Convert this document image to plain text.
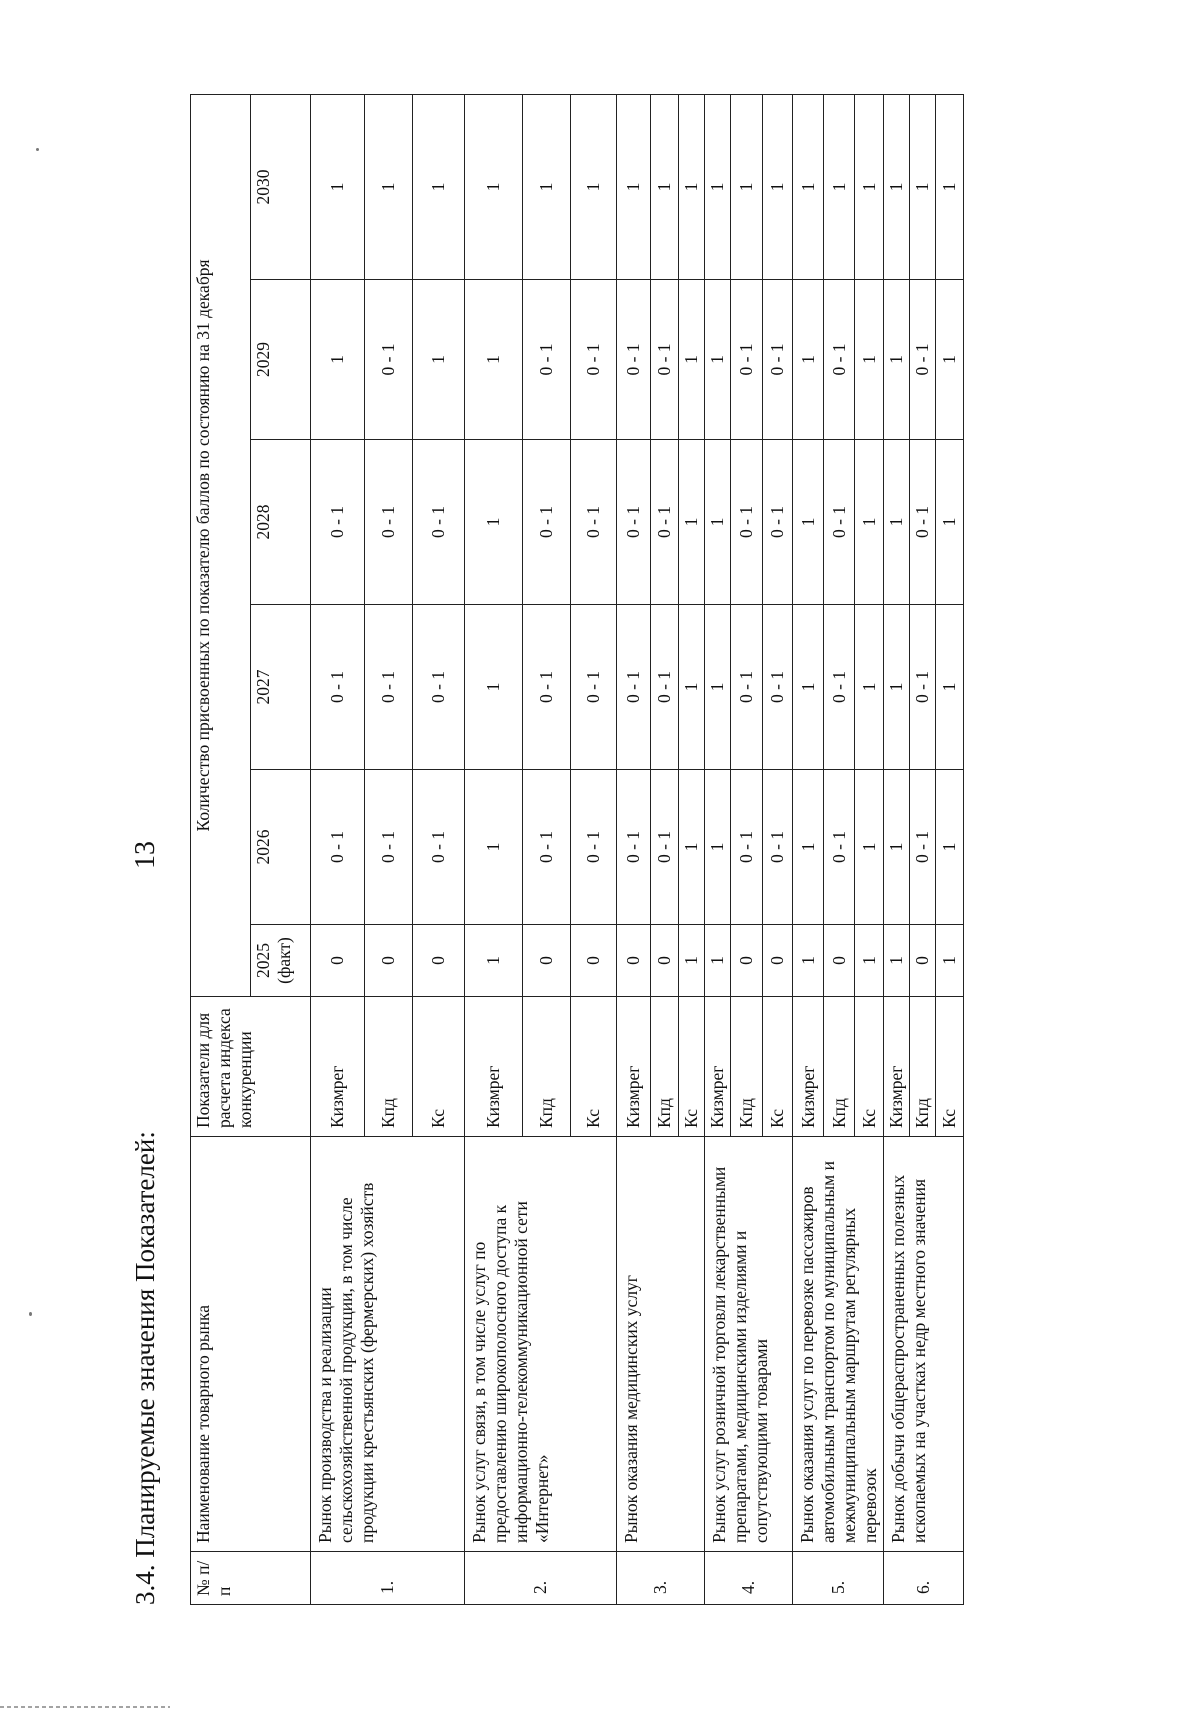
3.4. Планируемые значения Показателей:
13
№ п/п	Наименование товарного рынка	Показатели для расчета индекса конкуренции	Количество присвоенных по показателю баллов по состоянию на 31 декабря					
			2025 (факт)	2026	2027	2028	2029	2030
1.	Рынок производства и реализации сельскохозяйственной продукции, в том числе продукции крестьянских (фермерских) хозяйств	Кизмрег	0	0 - 1	0 - 1	0 - 1	1	1
		Кпд	0	0 - 1	0 - 1	0 - 1	0 - 1	1
		Кс	0	0 - 1	0 - 1	0 - 1	1	1
2.	Рынок услуг связи, в том числе услуг по предоставлению широкополосного доступа к информационно-телекоммуникационной сети «Интернет»	Кизмрег	1	1	1	1	1	1
		Кпд	0	0 - 1	0 - 1	0 - 1	0 - 1	1
		Кс	0	0 - 1	0 - 1	0 - 1	0 - 1	1
3.	Рынок оказания медицинских услуг	Кизмрег	0	0 - 1	0 - 1	0 - 1	0 - 1	1
		Кпд	0	0 - 1	0 - 1	0 - 1	0 - 1	1
		Кс	1	1	1	1	1	1
4.	Рынок услуг розничной торговли лекарственными препаратами, медицинскими изделиями и сопутствующими товарами	Кизмрег	1	1	1	1	1	1
		Кпд	0	0 - 1	0 - 1	0 - 1	0 - 1	1
		Кс	0	0 - 1	0 - 1	0 - 1	0 - 1	1
5.	Рынок оказания услуг по перевозке пассажиров автомобильным транспортом по муниципальным и межмуниципальным маршрутам регулярных перевозок	Кизмрег	1	1	1	1	1	1
		Кпд	0	0 - 1	0 - 1	0 - 1	0 - 1	1
		Кс	1	1	1	1	1	1
6.	Рынок добычи общераспространенных полезных ископаемых на участках недр местного значения	Кизмрег	1	1	1	1	1	1
		Кпд	0	0 - 1	0 - 1	0 - 1	0 - 1	1
		Кс	1	1	1	1	1	1
